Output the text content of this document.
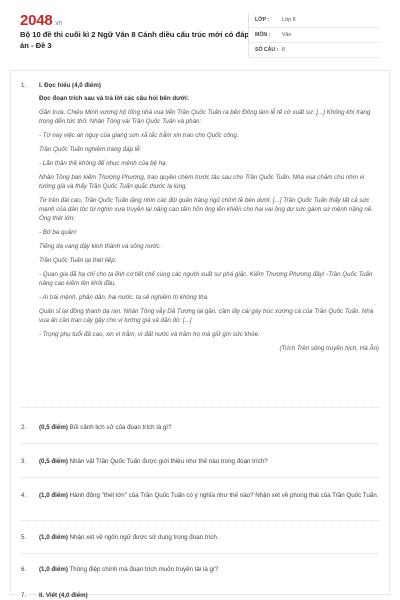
2048.vn
Bộ 10 đề thi cuối kì 2 Ngữ Văn 8 Cánh diều cấu trúc mới có đáp án - Đề 3
LỚP :	Lớp 8
MÔN :	Văn
SỐ CÂU : 8
1.	I. Đọc hiểu (4,0 điểm)
Đọc đoạn trích sau và trả lời các câu hỏi bên dưới:
Gần trưa, Chiêu Minh vương hộ tống nhà vua tiến Trần Quốc Tuấn ra bến Đông làm lễ tế cờ xuất sư. [...] Không khí trang trọng đến tức thở. Nhân Tông vái Trần Quốc Tuấn và phán:
- Từ nay việc an nguy của giang sơn xã tắc trẫm xin trao cho Quốc công.
Trần Quốc Tuấn nghiêm trang đáp lễ:
- Lão thần thề không để nhục mệnh của bệ hạ.
Nhân Tông ban kiếm Thượng Phương, trao quyền chém trước tâu sau cho Trần Quốc Tuấn. Nhà vua chăm chú nhìn vị tướng già và thấy Trần Quốc Tuấn quắc thước lạ lùng.
Từ trên đài cao, Trần Quốc Tuấn lặng nhìn các đội quân hàng ngũ chỉnh tề bên dưới. [...] Trần Quốc Tuấn thấy tất cả sức mạnh của dân tộc từ nghìn xưa truyền lại nâng cao tấm hồn ông lên khiến cho hai vai ông dư sức gánh sứ mệnh nặng nề. Ông thét lớn:
- Bớ ba quân!
Tiếng dạ vang dậy kinh thành và sông nước.
Trần Quốc Tuấn lại thét tiếp:
- Quan gia đã hạ chỉ cho ta lĩnh cờ tiết chế cùng các người xuất sư phá giặc. Kiếm Thượng Phương đây! -Trần Quốc Tuấn nâng cao kiếm lên khỏi đầu.
- Ai trái mệnh, phản dân, hại nước, ta sẽ nghiêm trị không tha.
Quân sĩ lại đồng thanh dạ ran. Nhân Tông vẫy Dã Tượng lại gần, cầm lấy cái gáy trúc xương cá của Trần Quốc Tuấn. Nhà vua ân cần trao cây gậy cho vị tướng già và dặn dò: [...]
- Trọng phụ tuổi đã cao, xin vì trẫm, vì đất nước và trăm họ mà giữ gìn sức khỏe.
(Trích Trên sông truyền hịch, Hà Ân)
2.	(0,5 điểm) Bối cảnh lịch sử của đoạn trích là gì?
3.	(0,5 điểm) Nhân vật Trần Quốc Tuấn được giới thiệu như thế nào trong đoạn trích?
4.	(1,0 điểm) Hành động "thét lớn" của Trần Quốc Tuấn có ý nghĩa như thế nào? Nhận xét về phong thái của Trần Quốc Tuấn.
5.	(1,0 điểm) Nhận xét về ngôn ngữ được sử dụng trong đoạn trích.
6.	(1,0 điểm) Thông điệp chính mà đoạn trích muốn truyền tải là gì?
7.	II. Viết (4,0 điểm)
